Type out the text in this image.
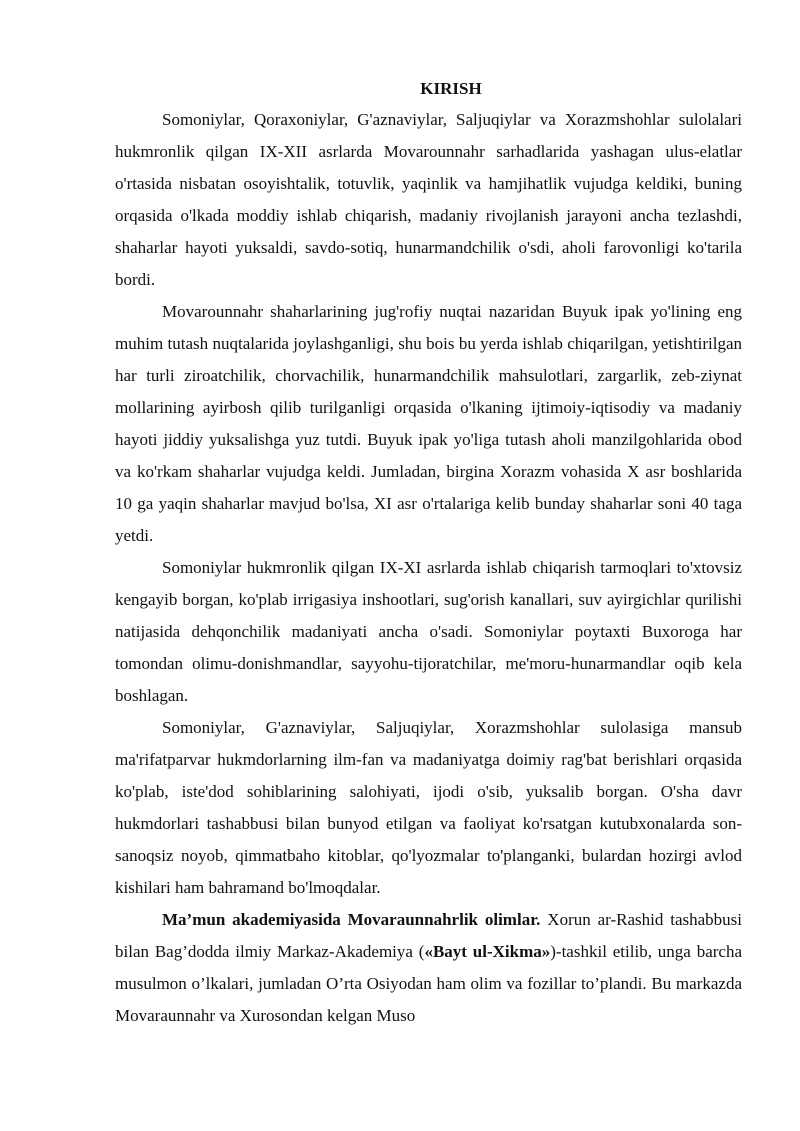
KIRISH

Somoniylar, Qoraxoniylar, G'aznaviylar, Saljuqiylar va Xorazmshohlar sulolalari hukmronlik qilgan IX-XII asrlarda Movarounnahr sarhadlarida yashagan ulus-elatlar o'rtasida nisbatan osoyishtalik, totuvlik, yaqinlik va hamjihatlik vujudga keldiki, buning orqasida o'lkada moddiy ishlab chiqarish, madaniy rivojlanish jarayoni ancha tezlashdi, shaharlar hayoti yuksaldi, savdo-sotiq, hunarmandchilik o'sdi, aholi farovonligi ko'tarila bordi.

Movarounnahr shaharlarining jug'rofiy nuqtai nazaridan Buyuk ipak yo'lining eng muhim tutash nuqtalarida joylashganligi, shu bois bu yerda ishlab chiqarilgan, yetishtirilgan har turli ziroatchilik, chorvachilik, hunarmandchilik mahsulotlari, zargarlik, zeb-ziynat mollarining ayirbosh qilib turilganligi orqasida o'lkaning ijtimoiy-iqtisodiy va madaniy hayoti jiddiy yuksalishga yuz tutdi. Buyuk ipak yo'liga tutash aholi manzilgohlarida obod va ko'rkam shaharlar vujudga keldi. Jumladan, birgina Xorazm vohasida X asr boshlarida 10 ga yaqin shaharlar mavjud bo'lsa, XI asr o'rtalariga kelib bunday shaharlar soni 40 taga yetdi.

Somoniylar hukmronlik qilgan IX-XI asrlarda ishlab chiqarish tarmoqlari to'xtovsiz kengayib borgan, ko'plab irrigasiya inshootlari, sug'orish kanallari, suv ayirgichlar qurilishi natijasida dehqonchilik madaniyati ancha o'sadi. Somoniylar poytaxti Buxoroga har tomondan olimu-donishmandlar, sayyohu-tijoratchilar, me'moru-hunarmandlar oqib kela boshlagan.

Somoniylar, G'aznaviylar, Saljuqiylar, Xorazmshohlar sulolasiga mansub ma'rifatparvar hukmdorlarning ilm-fan va madaniyatga doimiy rag'bat berishlari orqasida ko'plab, iste'dod sohiblarining salohiyati, ijodi o'sib, yuksalib borgan. O'sha davr hukmdorlari tashabbusi bilan bunyod etilgan va faoliyat ko'rsatgan kutubxonalarda son-sanoqsiz noyob, qimmatbaho kitoblar, qo'lyozmalar to'planganki, bulardan hozirgi avlod kishilari ham bahramand bo'lmoqdalar.

Ma’mun akademiyasida Movaraunnahrlik olimlar. Xorun ar-Rashid tashabbusi bilan Bag’dodda ilmiy Markaz-Akademiya («Bayt ul-Xikma»)-tashkil etilib, unga barcha musulmon o’lkalari, jumladan O’rta Osiyodan ham olim va fozillar to’plandi. Bu markazda Movaraunnahr va Xurosondan kelgan Muso
